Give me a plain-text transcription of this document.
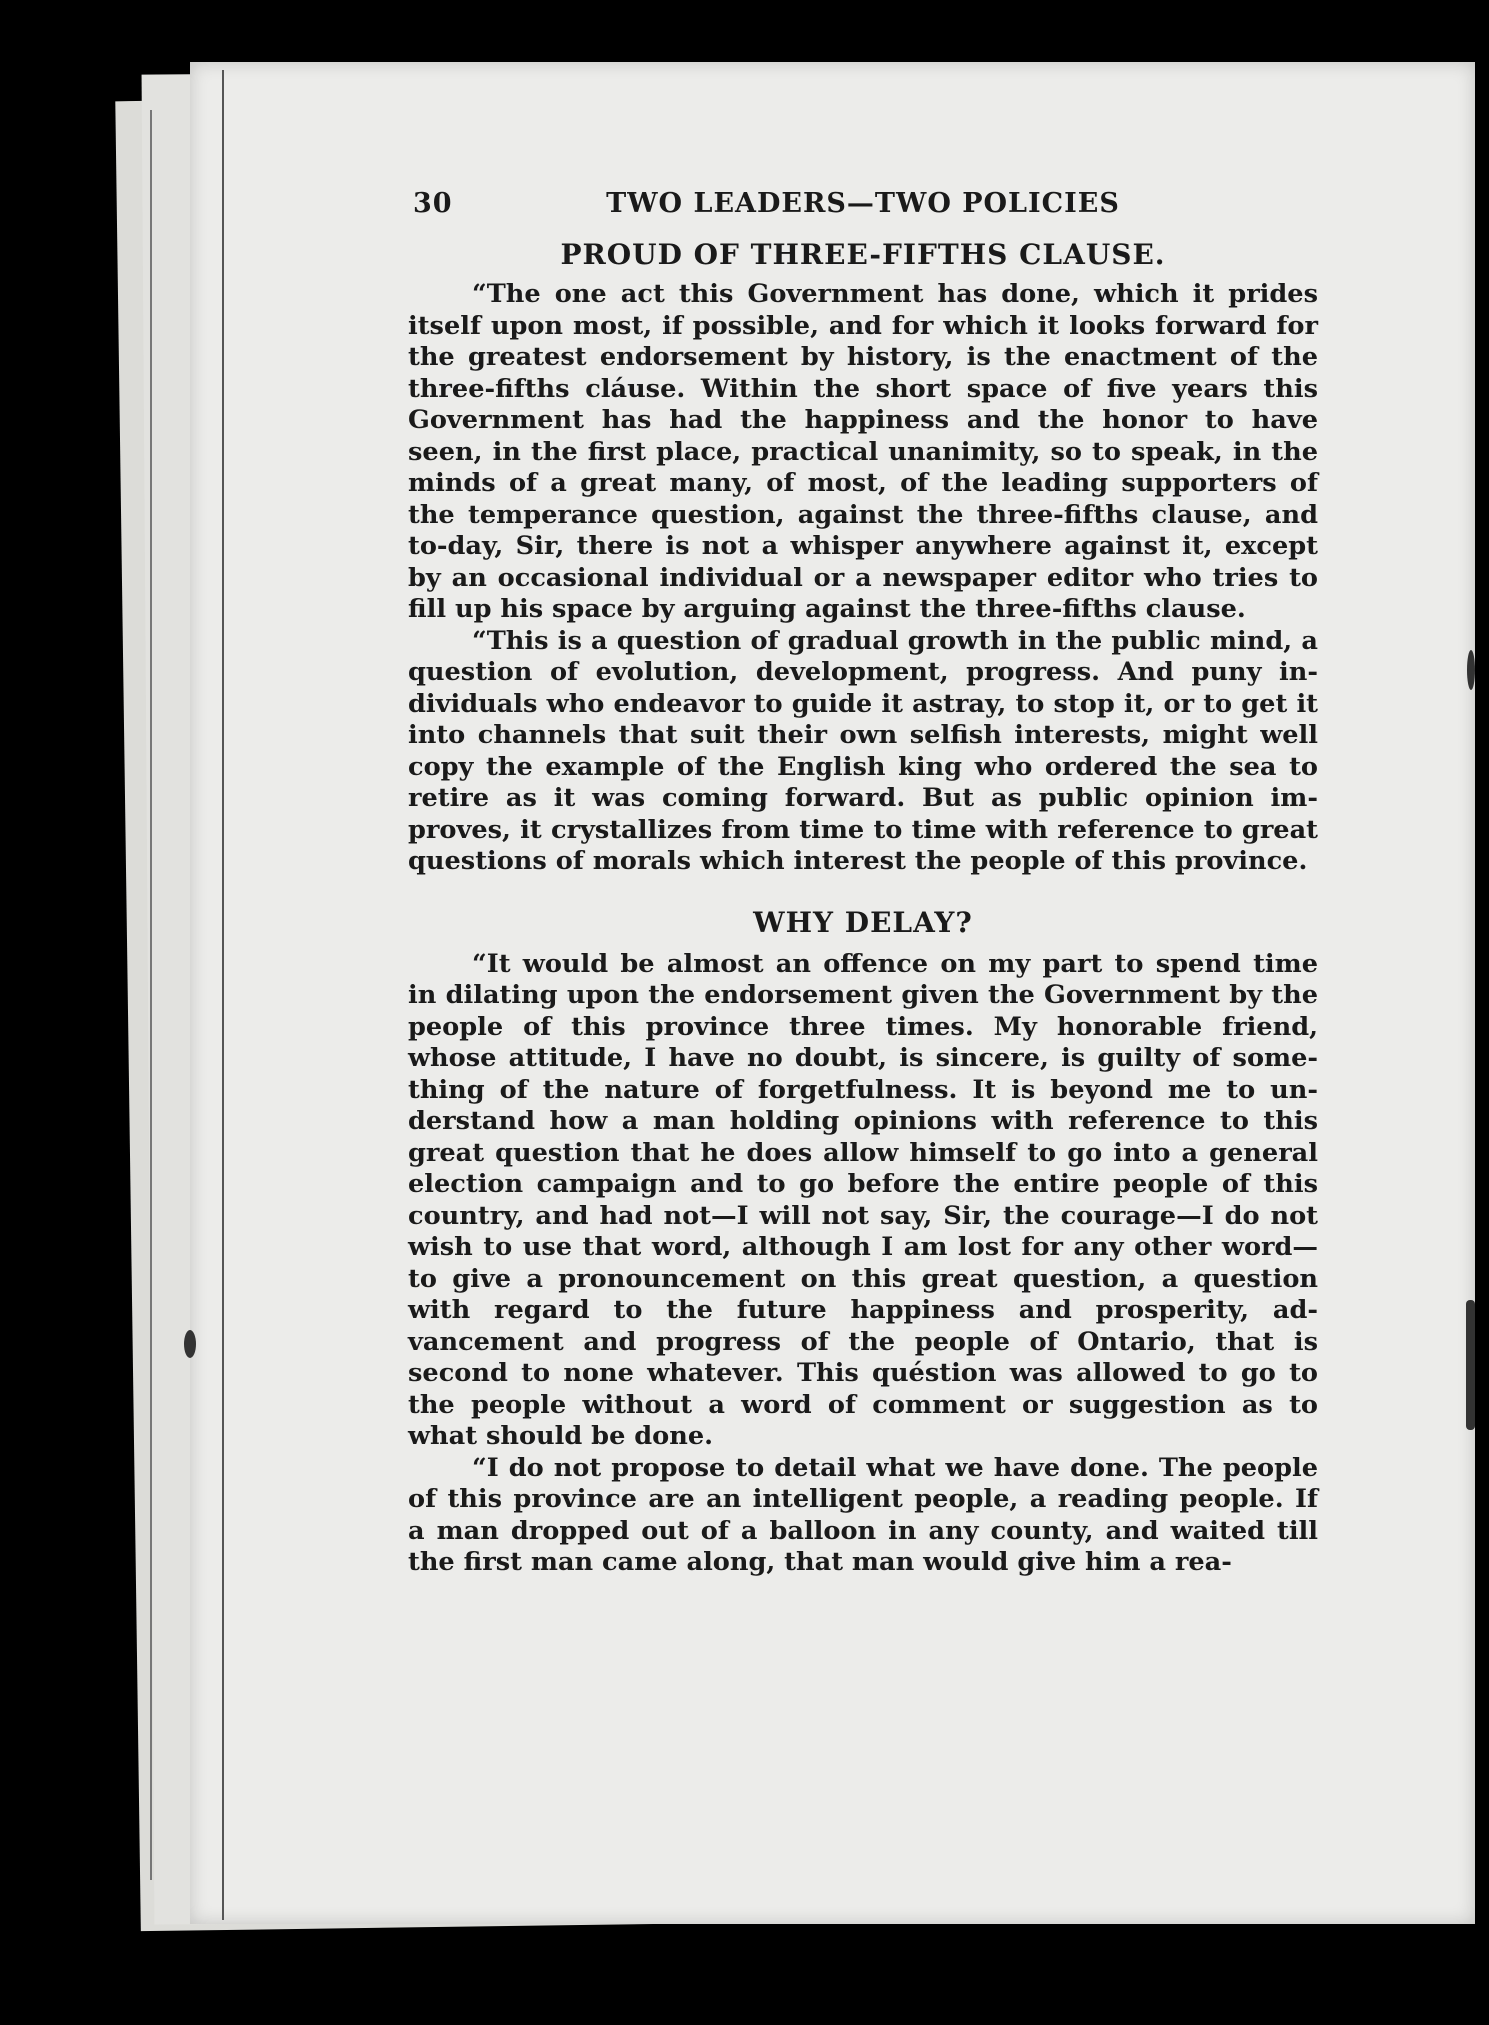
30	TWO LEADERS—TWO POLICIES
PROUD OF THREE-FIFTHS CLAUSE.

“The one act this Government has done, which it prides itself upon most, if possible, and for which it looks forward for the greatest endorsement by history, is the enactment of the three-fifths cláuse. Within the short space of five years this Government has had the happiness and the honor to have seen, in the first place, practical unanimity, so to speak, in the minds of a great many, of most, of the leading supporters of the temperance question, against the three-fifths clause, and to-day, Sir, there is not a whisper anywhere against it, except by an occasional individual or a newspaper editor who tries to fill up his space by arguing against the three-fifths clause.

“This is a question of gradual growth in the public mind, a question of evolution, development, progress. And puny individuals who endeavor to guide it astray, to stop it, or to get it into channels that suit their own selfish interests, might well copy the example of the English king who ordered the sea to retire as it was coming forward. But as public opinion improves, it crystallizes from time to time with reference to great questions of morals which interest the people of this province.

WHY DELAY?

“It would be almost an offence on my part to spend time in dilating upon the endorsement given the Government by the people of this province three times. My honorable friend, whose attitude, I have no doubt, is sincere, is guilty of something of the nature of forgetfulness. It is beyond me to understand how a man holding opinions with reference to this great question that he does allow himself to go into a general election campaign and to go before the entire people of this country, and had not—I will not say, Sir, the courage—I do not wish to use that word, although I am lost for any other word—to give a pronouncement on this great question, a question with regard to the future happiness and prosperity, advancement and progress of the people of Ontario, that is second to none whatever. This quéstion was allowed to go to the people without a word of comment or suggestion as to what should be done.

“I do not propose to detail what we have done. The people of this province are an intelligent people, a reading people. If a man dropped out of a balloon in any county, and waited till the first man came along, that man would give him a rea-
